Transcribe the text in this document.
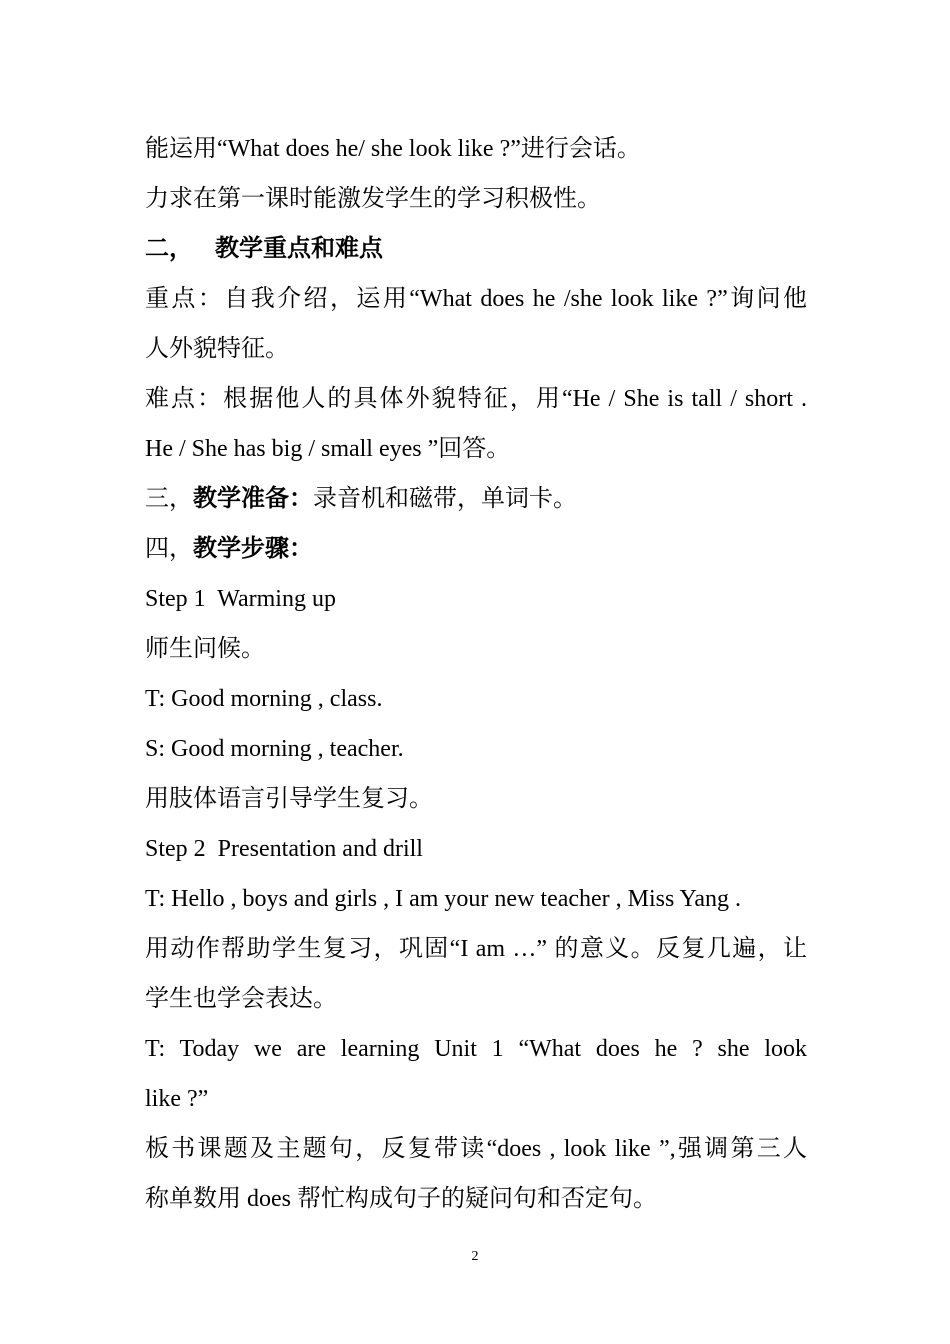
能运用“What does he/ she look like ?”进行会话。
力求在第一课时能激发学生的学习积极性。
二， 教学重点和难点
重点：自我介绍，运用“What does he /she look like ?”询问他
人外貌特征。
难点：根据他人的具体外貌特征，用“He / She is tall / short .
He / She has big / small eyes ”回答。
三，教学准备：录音机和磁带，单词卡。
四，教学步骤：
Step 1  Warming up
师生问候。
T: Good morning , class.
S: Good morning , teacher.
用肢体语言引导学生复习。
Step 2  Presentation and drill
T: Hello , boys and girls , I am your new teacher , Miss Yang .
用动作帮助学生复习，巩固“I am …” 的意义。反复几遍，让
学生也学会表达。
T: Today we are learning Unit 1 “What does he ? she look
like ?”
板书课题及主题句，反复带读“does , look like ”,强调第三人
称单数用 does 帮忙构成句子的疑问句和否定句。
2
